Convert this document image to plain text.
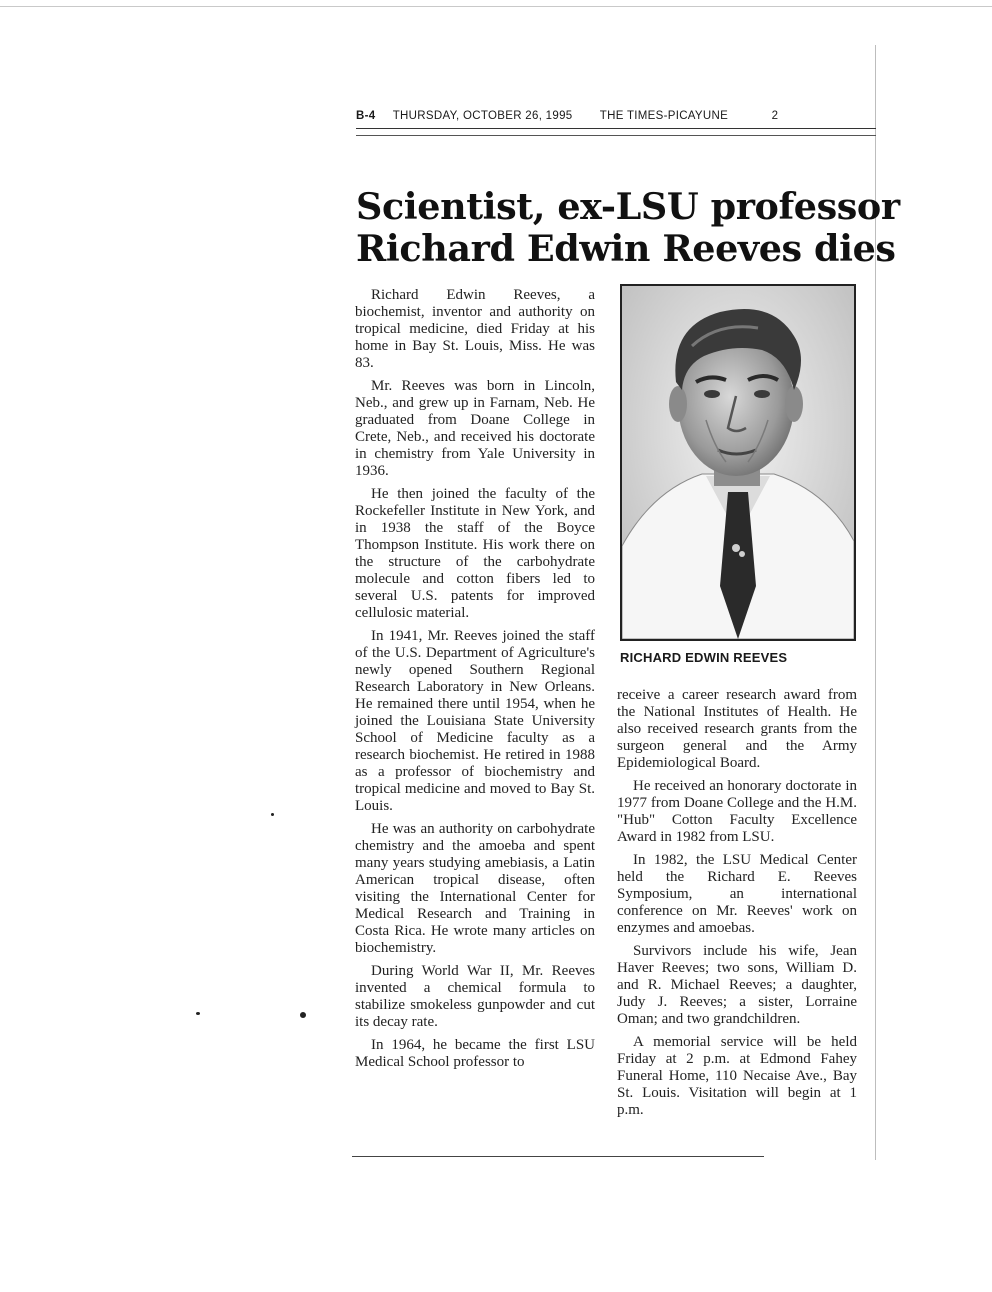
B-4 THURSDAY, OCTOBER 26, 1995 THE TIMES-PICAYUNE	2
Scientist, ex-LSU professor
Richard Edwin Reeves dies

Richard Edwin Reeves, a biochemist, inventor and authority on tropical medicine, died Friday at his home in Bay St. Louis, Miss. He was 83.

Mr. Reeves was born in Lincoln, Neb., and grew up in Farnam, Neb. He graduated from Doane College in Crete, Neb., and received his doctorate in chemistry from Yale University in 1936.

He then joined the faculty of the Rockefeller Institute in New York, and in 1938 the staff of the Boyce Thompson Institute. His work there on the structure of the carbohydrate molecule and cotton fibers led to several U.S. patents for improved cellulosic material.

In 1941, Mr. Reeves joined the staff of the U.S. Department of Agriculture's newly opened Southern Regional Research Laboratory in New Orleans. He remained there until 1954, when he joined the Louisiana State University School of Medicine faculty as a research biochemist. He retired in 1988 as a professor of biochemistry and tropical medicine and moved to Bay St. Louis.

He was an authority on carbohydrate chemistry and the amoeba and spent many years studying amebiasis, a Latin American tropical disease, often visiting the International Center for Medical Research and Training in Costa Rica. He wrote many articles on biochemistry.

During World War II, Mr. Reeves invented a chemical formula to stabilize smokeless gunpowder and cut its decay rate.

In 1964, he became the first LSU Medical School professor to

RICHARD EDWIN REEVES

receive a career research award from the National Institutes of Health. He also received research grants from the surgeon general and the Army Epidemiological Board.

He received an honorary doctorate in 1977 from Doane College and the H.M. "Hub" Cotton Faculty Excellence Award in 1982 from LSU.

In 1982, the LSU Medical Center held the Richard E. Reeves Symposium, an international conference on Mr. Reeves' work on enzymes and amoebas.

Survivors include his wife, Jean Haver Reeves; two sons, William D. and R. Michael Reeves; a daughter, Judy J. Reeves; a sister, Lorraine Oman; and two grandchildren.

A memorial service will be held Friday at 2 p.m. at Edmond Fahey Funeral Home, 110 Necaise Ave., Bay St. Louis. Visitation will begin at 1 p.m.
